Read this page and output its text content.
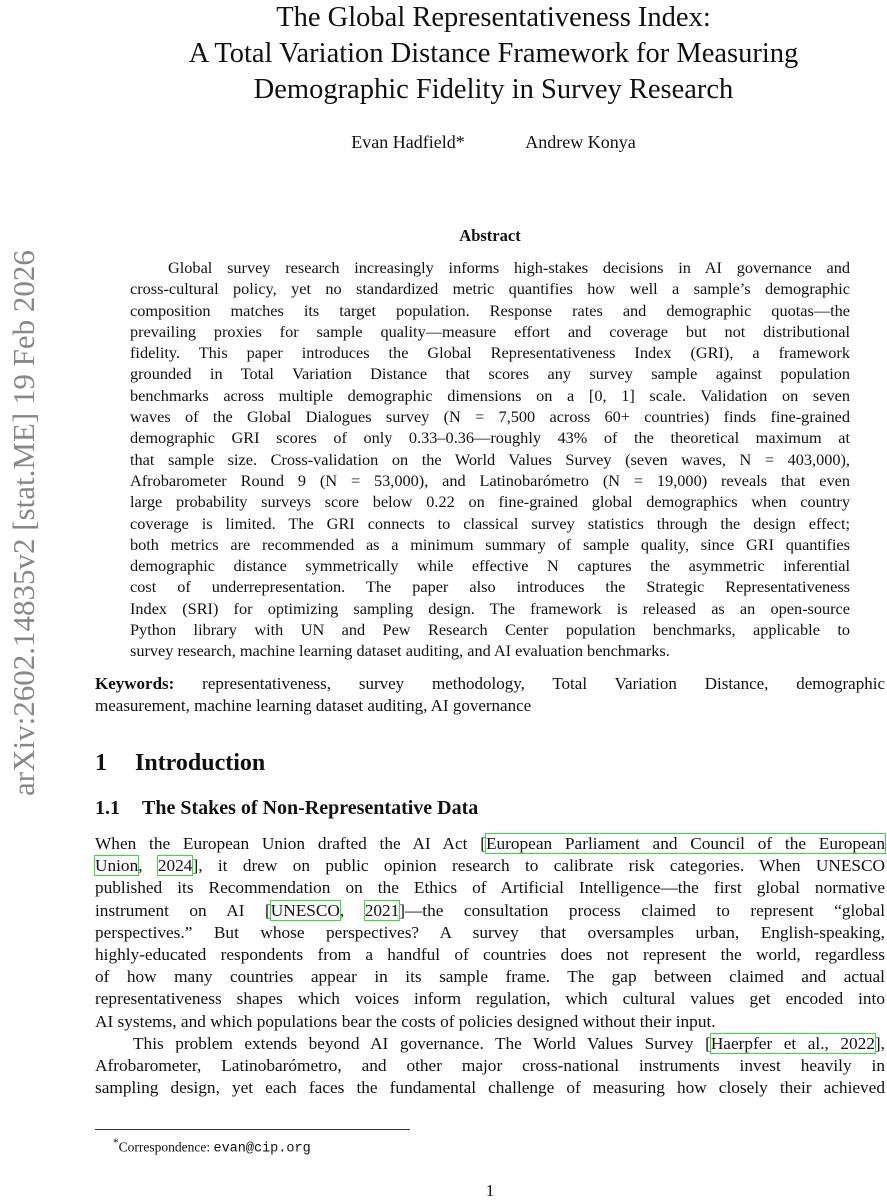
arXiv:2602.14835v2 [stat.ME] 19 Feb 2026
The Global Representativeness Index:
A Total Variation Distance Framework for Measuring
Demographic Fidelity in Survey Research
Evan Hadfield*	Andrew Konya
Abstract
Global survey research increasingly informs high-stakes decisions in AI governance and
cross-cultural policy, yet no standardized metric quantifies how well a sample’s demographic
composition matches its target population. Response rates and demographic quotas—the
prevailing proxies for sample quality—measure effort and coverage but not distributional
fidelity. This paper introduces the Global Representativeness Index (GRI), a framework
grounded in Total Variation Distance that scores any survey sample against population
benchmarks across multiple demographic dimensions on a [0, 1] scale. Validation on seven
waves of the Global Dialogues survey (N = 7,500 across 60+ countries) finds fine-grained
demographic GRI scores of only 0.33–0.36—roughly 43% of the theoretical maximum at
that sample size. Cross-validation on the World Values Survey (seven waves, N = 403,000),
Afrobarometer Round 9 (N = 53,000), and Latinobarómetro (N = 19,000) reveals that even
large probability surveys score below 0.22 on fine-grained global demographics when country
coverage is limited. The GRI connects to classical survey statistics through the design effect;
both metrics are recommended as a minimum summary of sample quality, since GRI quantifies
demographic distance symmetrically while effective N captures the asymmetric inferential
cost of underrepresentation. The paper also introduces the Strategic Representativeness
Index (SRI) for optimizing sampling design. The framework is released as an open-source
Python library with UN and Pew Research Center population benchmarks, applicable to
survey research, machine learning dataset auditing, and AI evaluation benchmarks.
Keywords: representativeness, survey methodology, Total Variation Distance, demographic
measurement, machine learning dataset auditing, AI governance
1 Introduction
1.1 The Stakes of Non-Representative Data
When the European Union drafted the AI Act [European Parliament and Council of the European
Union, 2024], it drew on public opinion research to calibrate risk categories. When UNESCO
published its Recommendation on the Ethics of Artificial Intelligence—the first global normative
instrument on AI [UNESCO, 2021]—the consultation process claimed to represent “global
perspectives.” But whose perspectives? A survey that oversamples urban, English-speaking,
highly-educated respondents from a handful of countries does not represent the world, regardless
of how many countries appear in its sample frame. The gap between claimed and actual
representativeness shapes which voices inform regulation, which cultural values get encoded into
AI systems, and which populations bear the costs of policies designed without their input.
This problem extends beyond AI governance. The World Values Survey [Haerpfer et al., 2022],
Afrobarometer, Latinobarómetro, and other major cross-national instruments invest heavily in
sampling design, yet each faces the fundamental challenge of measuring how closely their achieved
*Correspondence: evan@cip.org
1
